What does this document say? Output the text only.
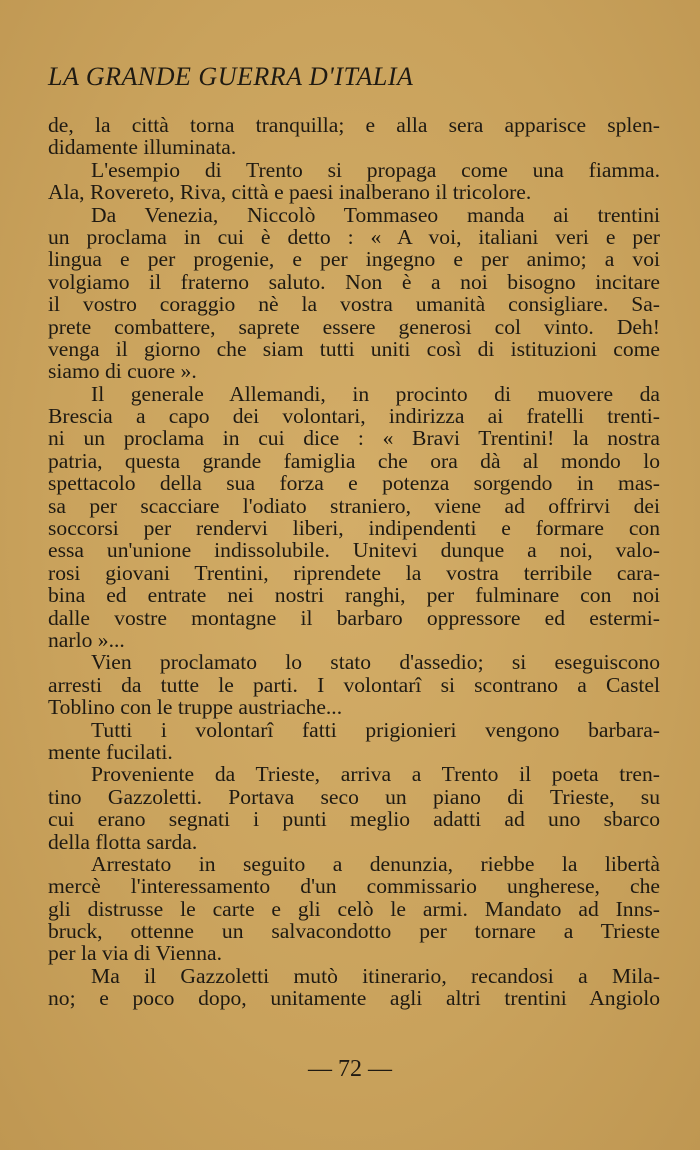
LA GRANDE GUERRA D'ITALIA
de, la città torna tranquilla; e alla sera apparisce splen-
didamente illuminata.
L'esempio di Trento si propaga come una fiamma.
Ala, Rovereto, Riva, città e paesi inalberano il tricolore.
Da Venezia, Niccolò Tommaseo manda ai trentini
un proclama in cui è detto : « A voi, italiani veri e per
lingua e per progenie, e per ingegno e per animo; a voi
volgiamo il fraterno saluto. Non è a noi bisogno incitare
il vostro coraggio nè la vostra umanità consigliare. Sa-
prete combattere, saprete essere generosi col vinto. Deh!
venga il giorno che siam tutti uniti così di istituzioni come
siamo di cuore ».
Il generale Allemandi, in procinto di muovere da
Brescia a capo dei volontari, indirizza ai fratelli trenti-
ni un proclama in cui dice : « Bravi Trentini! la nostra
patria, questa grande famiglia che ora dà al mondo lo
spettacolo della sua forza e potenza sorgendo in mas-
sa per scacciare l'odiato straniero, viene ad offrirvi dei
soccorsi per rendervi liberi, indipendenti e formare con
essa un'unione indissolubile. Unitevi dunque a noi, valo-
rosi giovani Trentini, riprendete la vostra terribile cara-
bina ed entrate nei nostri ranghi, per fulminare con noi
dalle vostre montagne il barbaro oppressore ed estermi-
narlo »...
Vien proclamato lo stato d'assedio; si eseguiscono
arresti da tutte le parti. I volontarî si scontrano a Castel
Toblino con le truppe austriache...
Tutti i volontarî fatti prigionieri vengono barbara-
mente fucilati.
Proveniente da Trieste, arriva a Trento il poeta tren-
tino Gazzoletti. Portava seco un piano di Trieste, su
cui erano segnati i punti meglio adatti ad uno sbarco
della flotta sarda.
Arrestato in seguito a denunzia, riebbe la libertà
mercè l'interessamento d'un commissario ungherese, che
gli distrusse le carte e gli celò le armi. Mandato ad Inns-
bruck, ottenne un salvacondotto per tornare a Trieste
per la via di Vienna.
Ma il Gazzoletti mutò itinerario, recandosi a Mila-
no; e poco dopo, unitamente agli altri trentini Angiolo
— 72 —
